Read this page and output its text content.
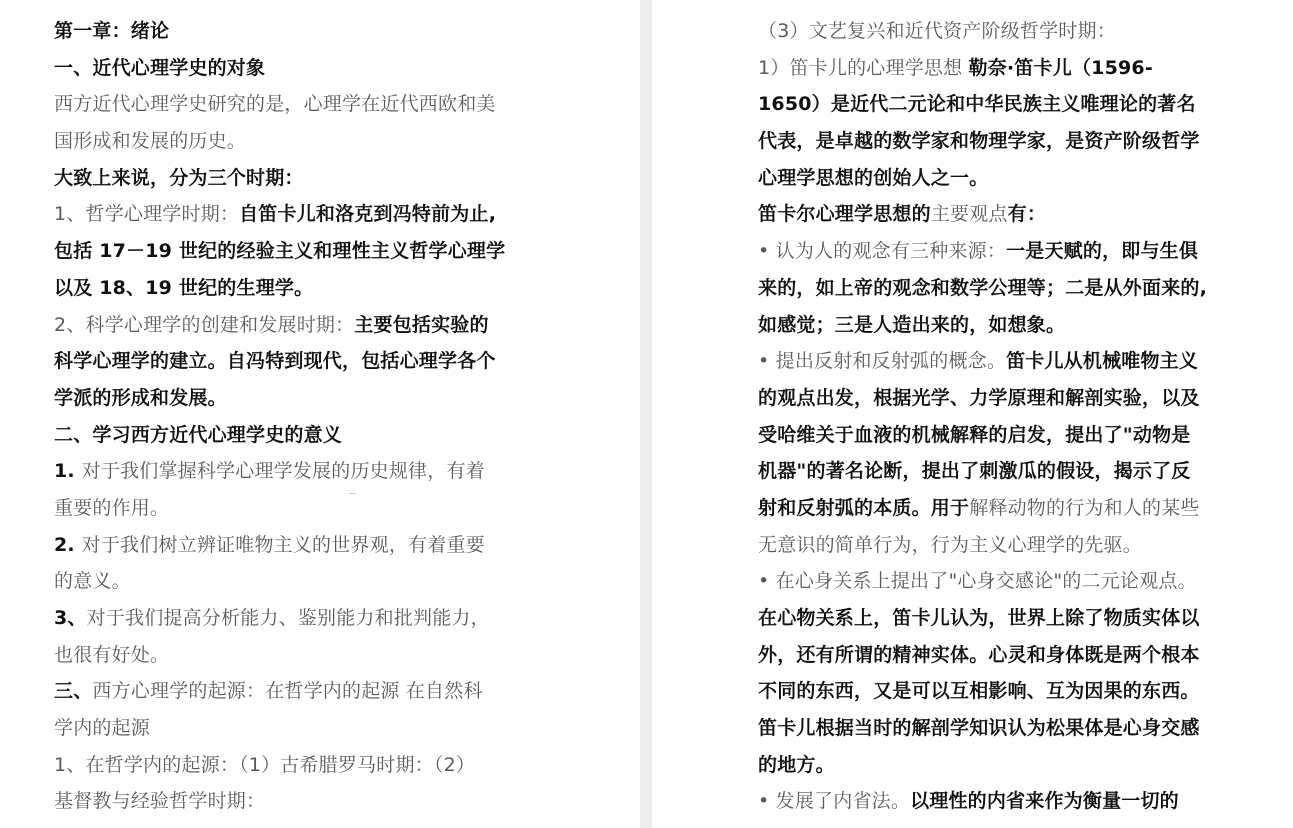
第一章：绪论
一、近代心理学史的对象
西方近代心理学史研究的是，心理学在近代西欧和美
国形成和发展的历史。
大致上来说，分为三个时期：
1、哲学心理学时期：自笛卡儿和洛克到冯特前为止,
包括 17－19 世纪的经验主义和理性主义哲学心理学
以及 18、19 世纪的生理学。
2、科学心理学的创建和发展时期：主要包括实验的
科学心理学的建立。自冯特到现代，包括心理学各个
学派的形成和发展。
二、学习西方近代心理学史的意义
1. 对于我们掌握科学心理学发展的历史规律，有着
重要的作用。
2. 对于我们树立辨证唯物主义的世界观，有着重要
的意义。
3、对于我们提高分析能力、鉴别能力和批判能力，
也很有好处。
三、西方心理学的起源：在哲学内的起源 在自然科
学内的起源
1、在哲学内的起源：（1）古希腊罗马时期：（2）
基督教与经验哲学时期：
（3）文艺复兴和近代资产阶级哲学时期：
1）笛卡儿的心理学思想 勒奈·笛卡儿（1596-
1650）是近代二元论和中华民族主义唯理论的著名
代表，是卓越的数学家和物理学家，是资产阶级哲学
心理学思想的创始人之一。
笛卡尔心理学思想的主要观点有：
• 认为人的观念有三种来源：一是天赋的，即与生俱
来的，如上帝的观念和数学公理等；二是从外面来的,
如感觉；三是人造出来的，如想象。
• 提出反射和反射弧的概念。笛卡儿从机械唯物主义
的观点出发，根据光学、力学原理和解剖实验，以及
受哈维关于血液的机械解释的启发，提出了"动物是
机器"的著名论断，提出了刺激瓜的假设，揭示了反
射和反射弧的本质。用于解释动物的行为和人的某些
无意识的简单行为，行为主义心理学的先驱。
• 在心身关系上提出了"心身交感论"的二元论观点。
在心物关系上，笛卡儿认为，世界上除了物质实体以
外，还有所谓的精神实体。心灵和身体既是两个根本
不同的东西，又是可以互相影响、互为因果的东西。
笛卡儿根据当时的解剖学知识认为松果体是心身交感
的地方。
• 发展了内省法。以理性的内省来作为衡量一切的
